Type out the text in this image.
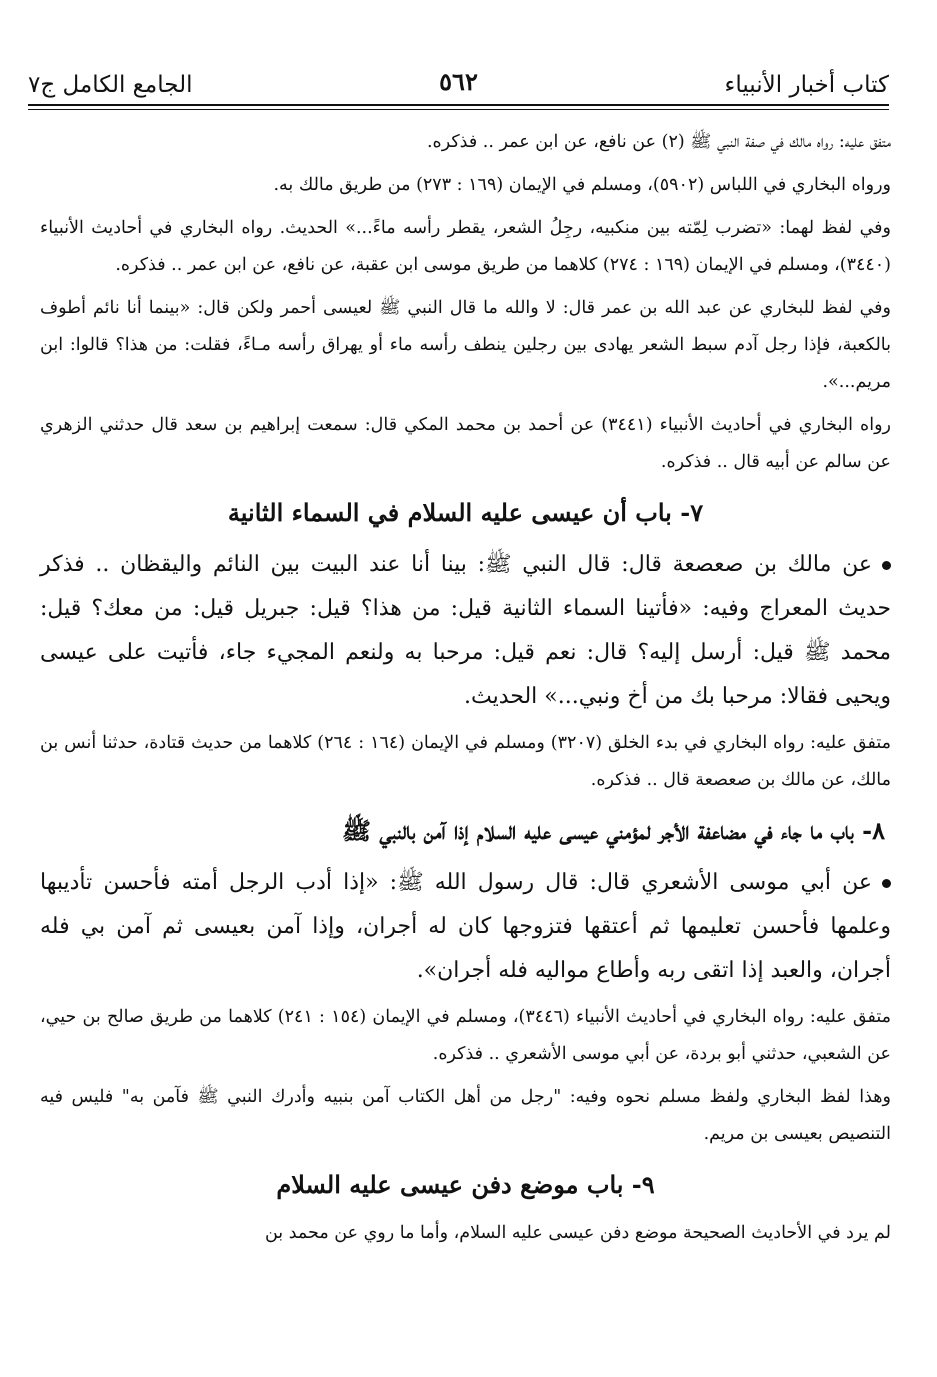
كتاب أخبار الأنبياء
٥٦٢
الجامع الكامل ج٧

متفق عليه: رواه مالك في صفة النبي ﷺ (٢) عن نافع، عن ابن عمر .. فذكره.

ورواه البخاري في اللباس (٥٩٠٢)، ومسلم في الإيمان (١٦٩ : ٢٧٣) من طريق مالك به.

وفي لفظ لهما: «تضرب لِمّته بين منكبيه، رجِلُ الشعر، يقطر رأسه ماءً...» الحديث. رواه البخاري في أحاديث الأنبياء (٣٤٤٠)، ومسلم في الإيمان (١٦٩ : ٢٧٤) كلاهما من طريق موسى ابن عقبة، عن نافع، عن ابن عمر .. فذكره.

وفي لفظ للبخاري عن عبد الله بن عمر قال: لا والله ما قال النبي ﷺ لعيسى أحمر ولكن قال: «بينما أنا نائم أطوف بالكعبة، فإذا رجل آدم سبط الشعر يهادى بين رجلين ينطف رأسه ماء أو يهراق رأسه مـاءً، فقلت: من هذا؟ قالوا: ابن مريم...».

رواه البخاري في أحاديث الأنبياء (٣٤٤١) عن أحمد بن محمد المكي قال: سمعت إبراهيم بن سعد قال حدثني الزهري عن سالم عن أبيه قال .. فذكره.

٧- باب أن عيسى عليه السلام في السماء الثانية

عن مالك بن صعصعة قال: قال النبي ﷺ: بينا أنا عند البيت بين النائم واليقظان .. فذكر حديث المعراج وفيه: «فأتينا السماء الثانية قيل: من هذا؟ قيل: جبريل قيل: من معك؟ قيل: محمد ﷺ قيل: أرسل إليه؟ قال: نعم قيل: مرحبا به ولنعم المجيء جاء، فأتيت على عيسى ويحيى فقالا: مرحبا بك من أخ ونبي...» الحديث.

متفق عليه: رواه البخاري في بدء الخلق (٣٢٠٧) ومسلم في الإيمان (١٦٤ : ٢٦٤) كلاهما من حديث قتادة، حدثنا أنس بن مالك، عن مالك بن صعصعة قال .. فذكره.

٨- باب ما جاء في مضاعفة الأجر لمؤمني عيسى عليه السلام إذا آمن بالنبي ﷺ

عن أبي موسى الأشعري قال: قال رسول الله ﷺ: «إذا أدب الرجل أمته فأحسن تأديبها وعلمها فأحسن تعليمها ثم أعتقها فتزوجها كان له أجران، وإذا آمن بعيسى ثم آمن بي فله أجران، والعبد إذا اتقى ربه وأطاع مواليه فله أجران».

متفق عليه: رواه البخاري في أحاديث الأنبياء (٣٤٤٦)، ومسلم في الإيمان (١٥٤ : ٢٤١) كلاهما من طريق صالح بن حيي، عن الشعبي، حدثني أبو بردة، عن أبي موسى الأشعري .. فذكره.

وهذا لفظ البخاري ولفظ مسلم نحوه وفيه: "رجل من أهل الكتاب آمن بنبيه وأدرك النبي ﷺ فآمن به" فليس فيه التنصيص بعيسى بن مريم.

٩- باب موضع دفن عيسى عليه السلام

لم يرد في الأحاديث الصحيحة موضع دفن عيسى عليه السلام، وأما ما روي عن محمد بن
